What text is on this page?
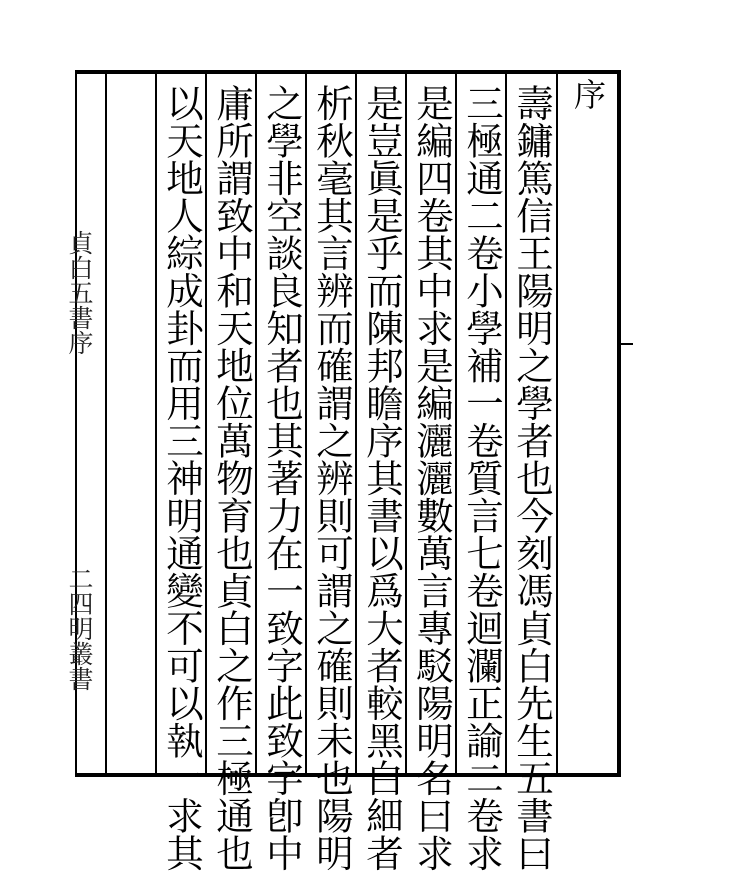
序
壽鏞篤信王陽明之學者也今刻馮貞白先生五書曰
三極通二卷小學補一卷質言七卷迴瀾正諭二卷求
是編四卷其中求是編灑灑數萬言專駁陽明名曰求
是豈眞是乎而陳邦瞻序其書以爲大者較黑白細者
析秋毫其言辨而確謂之辨則可謂之確則未也陽明
之學非空談良知者也其著力在一致字此致字卽中
庸所謂致中和天地位萬物育也貞白之作三極通也
以天地人綜成卦而用三神明通變不可以執一求其
貞白五書序
二四明叢書
